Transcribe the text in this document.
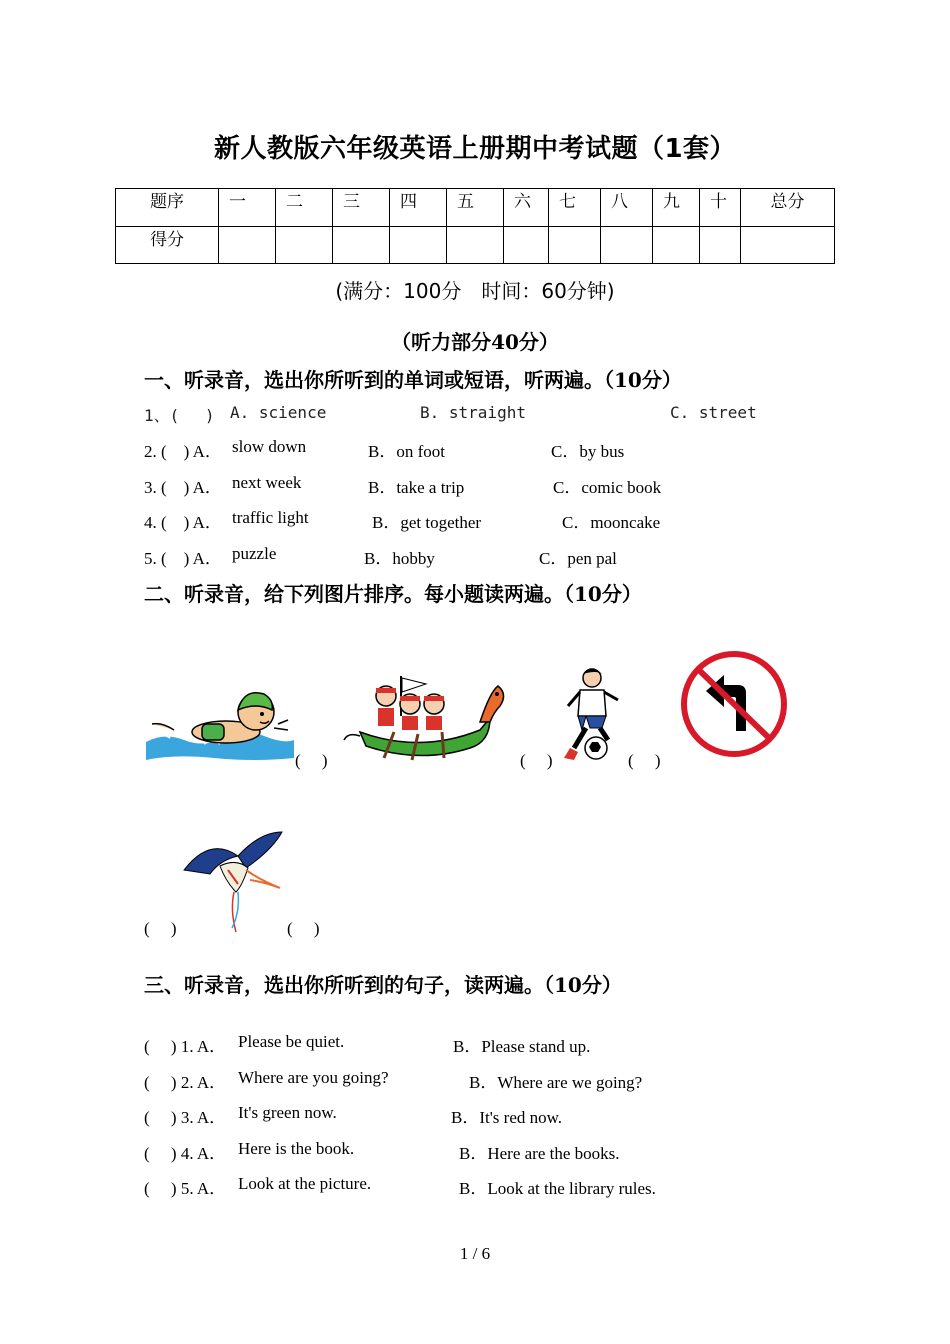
新人教版六年级英语上册期中考试题（1套）
题序	一	二	三	四	五	六	七	八	九	十	总分
得分											
(满分：100分　时间：60分钟)
（听力部分40分）
一、听录音，选出你所听到的单词或短语，听两遍。（10分）
1、(　 ) A. science	B. straight	C. street
2. (　) A． slow down	B．on foot	C．by bus
3. (　) A． next week	B．take a trip	C．comic book
4. (　) A． traffic light	B．get together	C．mooncake
5. (　) A． puzzle	B．hobby	C．pen pal
二、听录音，给下列图片排序。每小题读两遍。（10分）
(　 )	(　 )	(　 )
(　 )	(　 )
三、听录音，选出你所听到的句子，读两遍。（10分）
(　 ) 1. A． Please be quiet.	B．Please stand up.
(　 ) 2. A． Where are you going?	B．Where are we going?
(　 ) 3. A． It's green now.	B．It's red now.
(　 ) 4. A． Here is the book.	B．Here are the books.
(　 ) 5. A． Look at the picture.	B．Look at the library rules.
1 / 6
